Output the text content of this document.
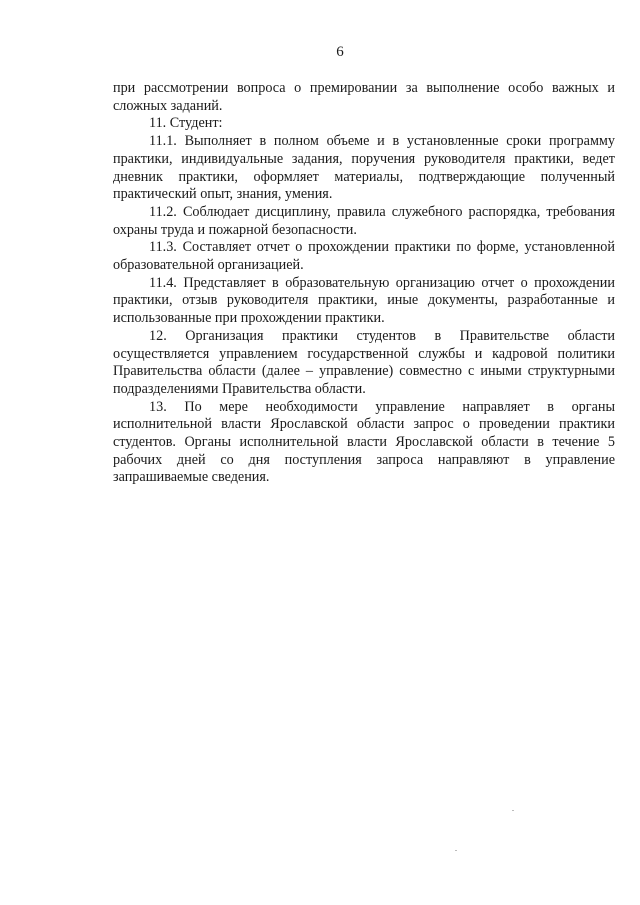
6

при рассмотрении вопроса о премировании за выполнение особо важных и сложных заданий.

11. Студент:

11.1. Выполняет в полном объеме и в установленные сроки программу практики, индивидуальные задания, поручения руководителя практики, ведет дневник практики, оформляет материалы, подтверждающие полученный практический опыт, знания, умения.

11.2. Соблюдает дисциплину, правила служебного распорядка, требования охраны труда и пожарной безопасности.

11.3. Составляет отчет о прохождении практики по форме, установленной образовательной организацией.

11.4. Представляет в образовательную организацию отчет о прохождении практики, отзыв руководителя практики, иные документы, разработанные и использованные при прохождении практики.

12. Организация практики студентов в Правительстве области осуществляется управлением государственной службы и кадровой политики Правительства области (далее – управление) совместно с иными структурными подразделениями Правительства области.

13. По мере необходимости управление направляет в органы исполнительной власти Ярославской области запрос о проведении практики студентов. Органы исполнительной власти Ярославской области в течение 5 рабочих дней со дня поступления запроса направляют в управление запрашиваемые сведения.
